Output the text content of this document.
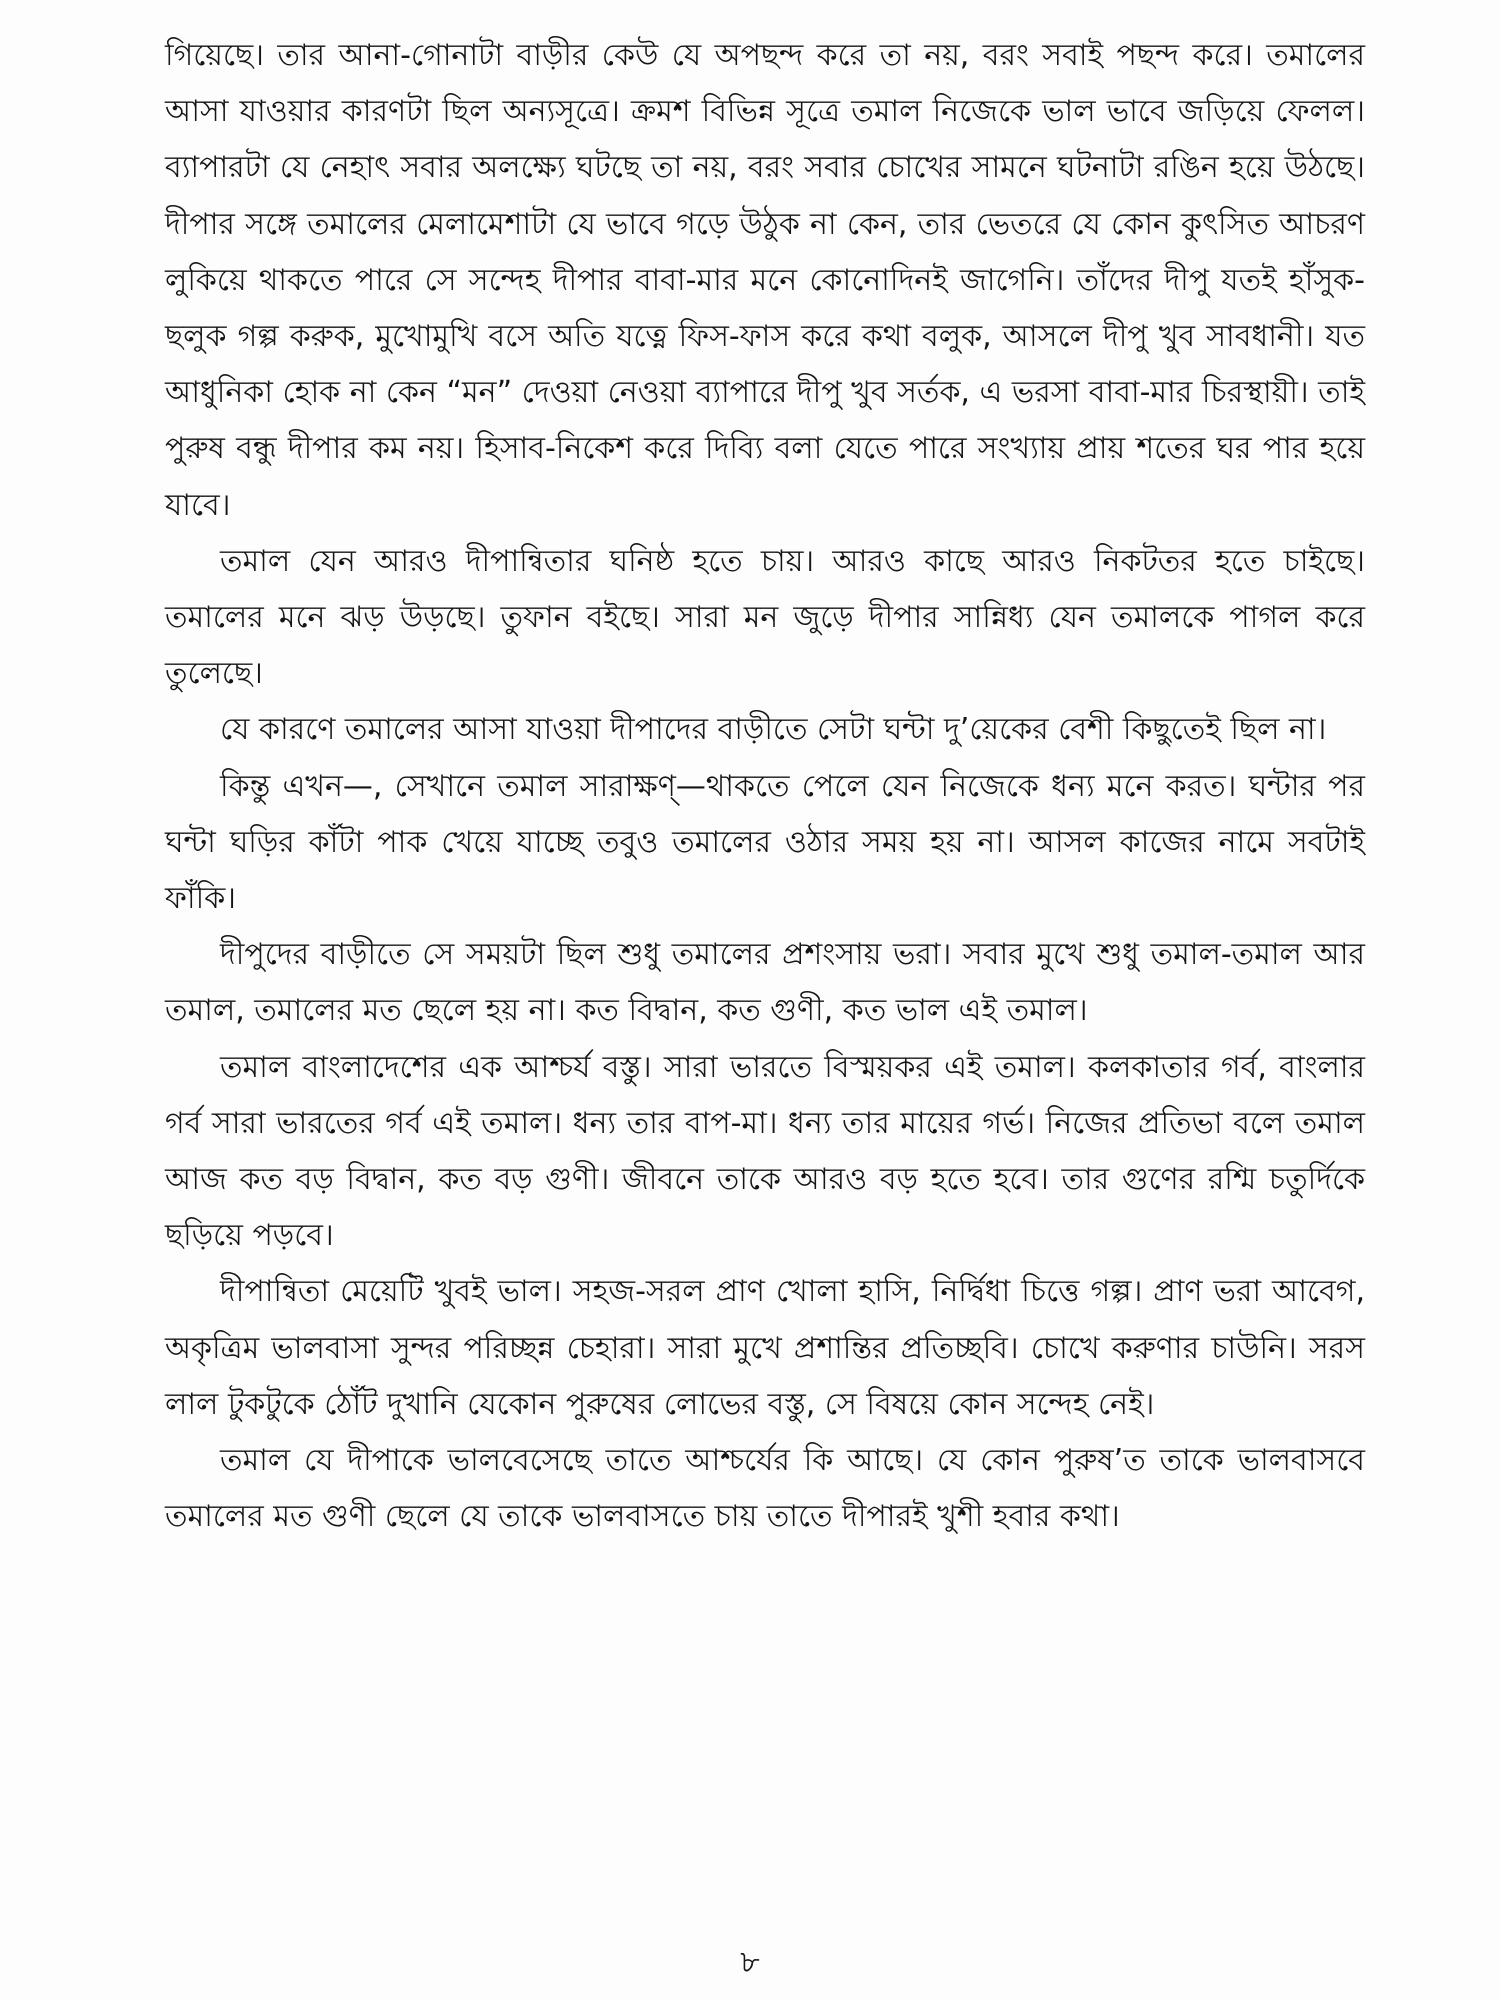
গিয়েছে। তার আনা-গোনাটা বাড়ীর কেউ যে অপছন্দ করে তা নয়, বরং সবাই পছন্দ করে। তমালের আসা যাওয়ার কারণটা ছিল অন্যসূত্রে। ক্রমশ বিভিন্ন সূত্রে তমাল নিজেকে ভাল ভাবে জড়িয়ে ফেলল। ব্যাপারটা যে নেহাৎ সবার অলক্ষ্যে ঘটছে তা নয়, বরং সবার চোখের সামনে ঘটনাটা রঙিন হয়ে উঠছে। দীপার সঙ্গে তমালের মেলামেশাটা যে ভাবে গড়ে উঠুক না কেন, তার ভেতরে যে কোন কুৎসিত আচরণ লুকিয়ে থাকতে পারে সে সন্দেহ দীপার বাবা-মার মনে কোনোদিনই জাগেনি। তাঁদের দীপু যতই হাঁসুক-ছলুক গল্প করুক, মুখোমুখি বসে অতি যত্নে ফিস-ফাস করে কথা বলুক, আসলে দীপু খুব সাবধানী। যত আধুনিকা হোক না কেন “মন” দেওয়া নেওয়া ব্যাপারে দীপু খুব সর্তক, এ ভরসা বাবা-মার চিরস্থায়ী। তাই পুরুষ বন্ধু দীপার কম নয়। হিসাব-নিকেশ করে দিব্যি বলা যেতে পারে সংখ্যায় প্রায় শতের ঘর পার হয়ে যাবে।

তমাল যেন আরও দীপান্বিতার ঘনিষ্ঠ হতে চায়। আরও কাছে আরও নিকটতর হতে চাইছে। তমালের মনে ঝড় উড়ছে। তুফান বইছে। সারা মন জুড়ে দীপার সান্নিধ্য যেন তমালকে পাগল করে তুলেছে।

যে কারণে তমালের আসা যাওয়া দীপাদের বাড়ীতে সেটা ঘন্টা দু’য়েকের বেশী কিছুতেই ছিল না।

কিন্তু এখন—, সেখানে তমাল সারাক্ষণ্—থাকতে পেলে যেন নিজেকে ধন্য মনে করত। ঘন্টার পর ঘন্টা ঘড়ির কাঁটা পাক খেয়ে যাচ্ছে তবুও তমালের ওঠার সময় হয় না। আসল কাজের নামে সবটাই ফাঁকি।

দীপুদের বাড়ীতে সে সময়টা ছিল শুধু তমালের প্রশংসায় ভরা। সবার মুখে শুধু তমাল-তমাল আর তমাল, তমালের মত ছেলে হয় না। কত বিদ্বান, কত গুণী, কত ভাল এই তমাল।

তমাল বাংলাদেশের এক আশ্চর্য বস্তু। সারা ভারতে বিস্ময়কর এই তমাল। কলকাতার গর্ব, বাংলার গর্ব সারা ভারতের গর্ব এই তমাল। ধন্য তার বাপ-মা। ধন্য তার মায়ের গর্ভ। নিজের প্রতিভা বলে তমাল আজ কত বড় বিদ্বান, কত বড় গুণী। জীবনে তাকে আরও বড় হতে হবে। তার গুণের রশ্মি চতুর্দিকে ছড়িয়ে পড়বে।

দীপান্বিতা মেয়েটি খুবই ভাল। সহজ-সরল প্রাণ খোলা হাসি, নির্দ্বিধা চিত্তে গল্প। প্রাণ ভরা আবেগ, অকৃত্রিম ভালবাসা সুন্দর পরিচ্ছন্ন চেহারা। সারা মুখে প্রশান্তির প্রতিচ্ছবি। চোখে করুণার চাউনি। সরস লাল টুকটুকে ঠোঁট দুখানি যেকোন পুরুষের লোভের বস্তু, সে বিষয়ে কোন সন্দেহ নেই।

তমাল যে দীপাকে ভালবেসেছে তাতে আশ্চর্যের কি আছে। যে কোন পুরুষ’ত তাকে ভালবাসবে তমালের মত গুণী ছেলে যে তাকে ভালবাসতে চায় তাতে দীপারই খুশী হবার কথা।

৮
